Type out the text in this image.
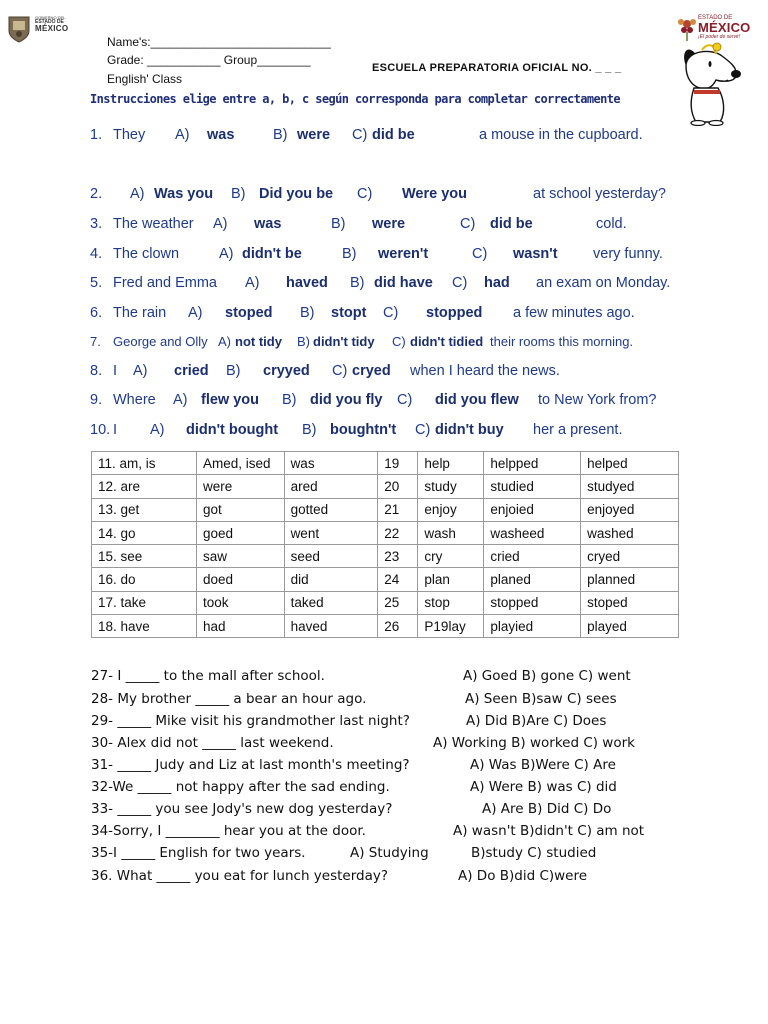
GOBIERNO DEL
ESTADO DE
MÉXICO
ESTADO DE
MÉXICO
¡El poder de servir!
Name's:___________________________
Grade: ___________ Group________
English' Class
ESCUELA PREPARATORIA OFICIAL NO. _ _ _
Instrucciones elige entre a, b, c según corresponda para completar correctamente
1. They A) was	B) were C) did be	a mouse in the cupboard.
2. A) Was you B) Did you be C) Were you	at school yesterday?
3. The weather A) was	B) were	C) did be	cold.
4. The clown	A) didn't be	B) weren't	C) wasn't very funny.
5. Fred and Emma A) haved B) did have C) had an exam on Monday.
6. The rain A) stoped B) stopt C) stopped a few minutes ago.
7. George and Olly A) not tidy B) didn't tidy C) didn't tidied their rooms this morning.
8. I A) cried B) cryyed C) cryed when I heard the news.
9. Where A) flew you B) did you fly C) did you flew to New York from?
10. I A) didn't bought B) boughtn't C) didn't buy her a present.
11. am, is	Amed, ised	was	19	help	helpped	helped
12. are	were	ared	20	study	studied	studyed
13. get	got	gotted	21	enjoy	enjoied	enjoyed
14. go	goed	went	22	wash	washeed	washed
15. see	saw	seed	23	cry	cried	cryed
16. do	doed	did	24	plan	planed	planned
17. take	took	taked	25	stop	stopped	stoped
18. have	had	haved	26	P19lay	playied	played
27- I _____ to the mall after school.	A) Goed B) gone C) went
28- My brother _____ a bear an hour ago.	A) Seen B)saw C) sees
29- _____ Mike visit his grandmother last night?	A) Did B)Are C) Does
30- Alex did not _____ last weekend.	A) Working B) worked C) work
31- _____ Judy and Liz at last month's meeting?	A) Was B)Were C) Are
32-We _____ not happy after the sad ending.	A) Were B) was C) did
33- _____ you see Jody's new dog yesterday?	A) Are B) Did C) Do
34-Sorry, I ________ hear you at the door.	A) wasn't B)didn't C) am not
35-I _____ English for two years.	A) Studying	B)study C) studied
36. What _____ you eat for lunch yesterday?	A) Do B)did C)were
